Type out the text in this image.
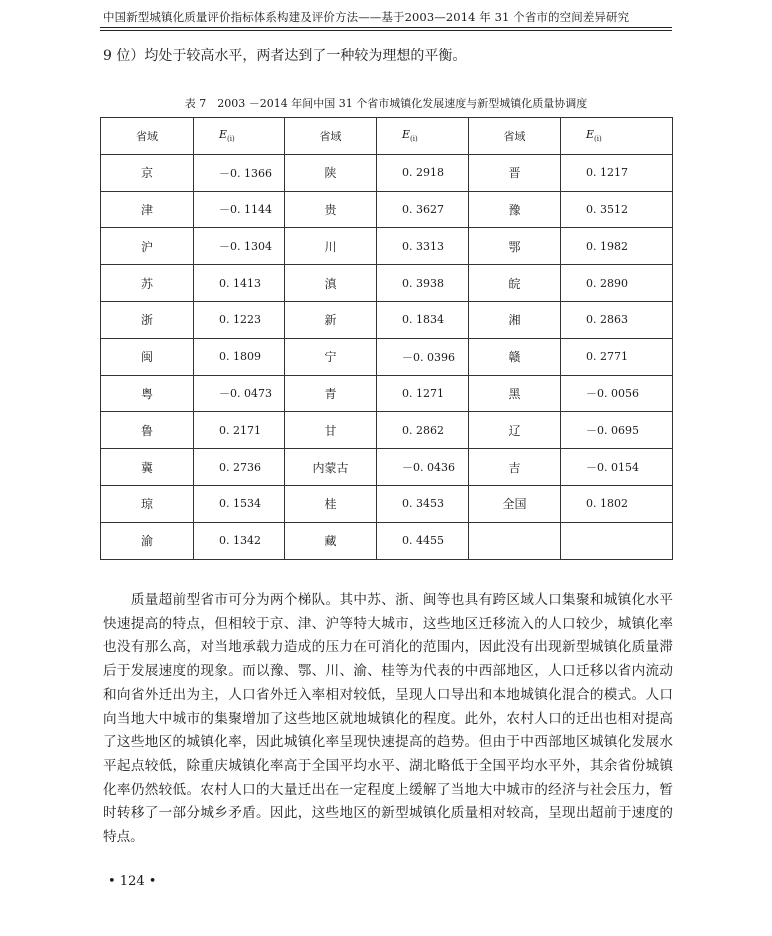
中国新型城镇化质量评价指标体系构建及评价方法——基于2003—2014 年 31 个省市的空间差异研究
9 位）均处于较高水平，两者达到了一种较为理想的平衡。
表 7　2003 －2014 年间中国 31 个省市城镇化发展速度与新型城镇化质量协调度
省域	$E_{(i)}$	省域	$E_{(i)}$	省域	$E_{(i)}$
京	－0. 1366	陕	0. 2918	晋	0. 1217
津	－0. 1144	贵	0. 3627	豫	0. 3512
沪	－0. 1304	川	0. 3313	鄂	0. 1982
苏	0. 1413	滇	0. 3938	皖	0. 2890
浙	0. 1223	新	0. 1834	湘	0. 2863
闽	0. 1809	宁	－0. 0396	赣	0. 2771
粤	－0. 0473	青	0. 1271	黑	－0. 0056
鲁	0. 2171	甘	0. 2862	辽	－0. 0695
冀	0. 2736	内蒙古	－0. 0436	吉	－0. 0154
琼	0. 1534	桂	0. 3453	全国	0. 1802
渝	0. 1342	藏	0. 4455		
　　质量超前型省市可分为两个梯队。其中苏、浙、闽等也具有跨区域人口集聚和城镇化水平
快速提高的特点，但相较于京、津、沪等特大城市，这些地区迁移流入的人口较少，城镇化率
也没有那么高，对当地承载力造成的压力在可消化的范围内，因此没有出现新型城镇化质量滞
后于发展速度的现象。而以豫、鄂、川、渝、桂等为代表的中西部地区，人口迁移以省内流动
和向省外迁出为主，人口省外迁入率相对较低，呈现人口导出和本地城镇化混合的模式。人口
向当地大中城市的集聚增加了这些地区就地城镇化的程度。此外，农村人口的迁出也相对提高
了这些地区的城镇化率，因此城镇化率呈现快速提高的趋势。但由于中西部地区城镇化发展水
平起点较低，除重庆城镇化率高于全国平均水平、湖北略低于全国平均水平外，其余省份城镇
化率仍然较低。农村人口的大量迁出在一定程度上缓解了当地大中城市的经济与社会压力，暂
时转移了一部分城乡矛盾。因此，这些地区的新型城镇化质量相对较高，呈现出超前于速度的
特点。
• 124 •
